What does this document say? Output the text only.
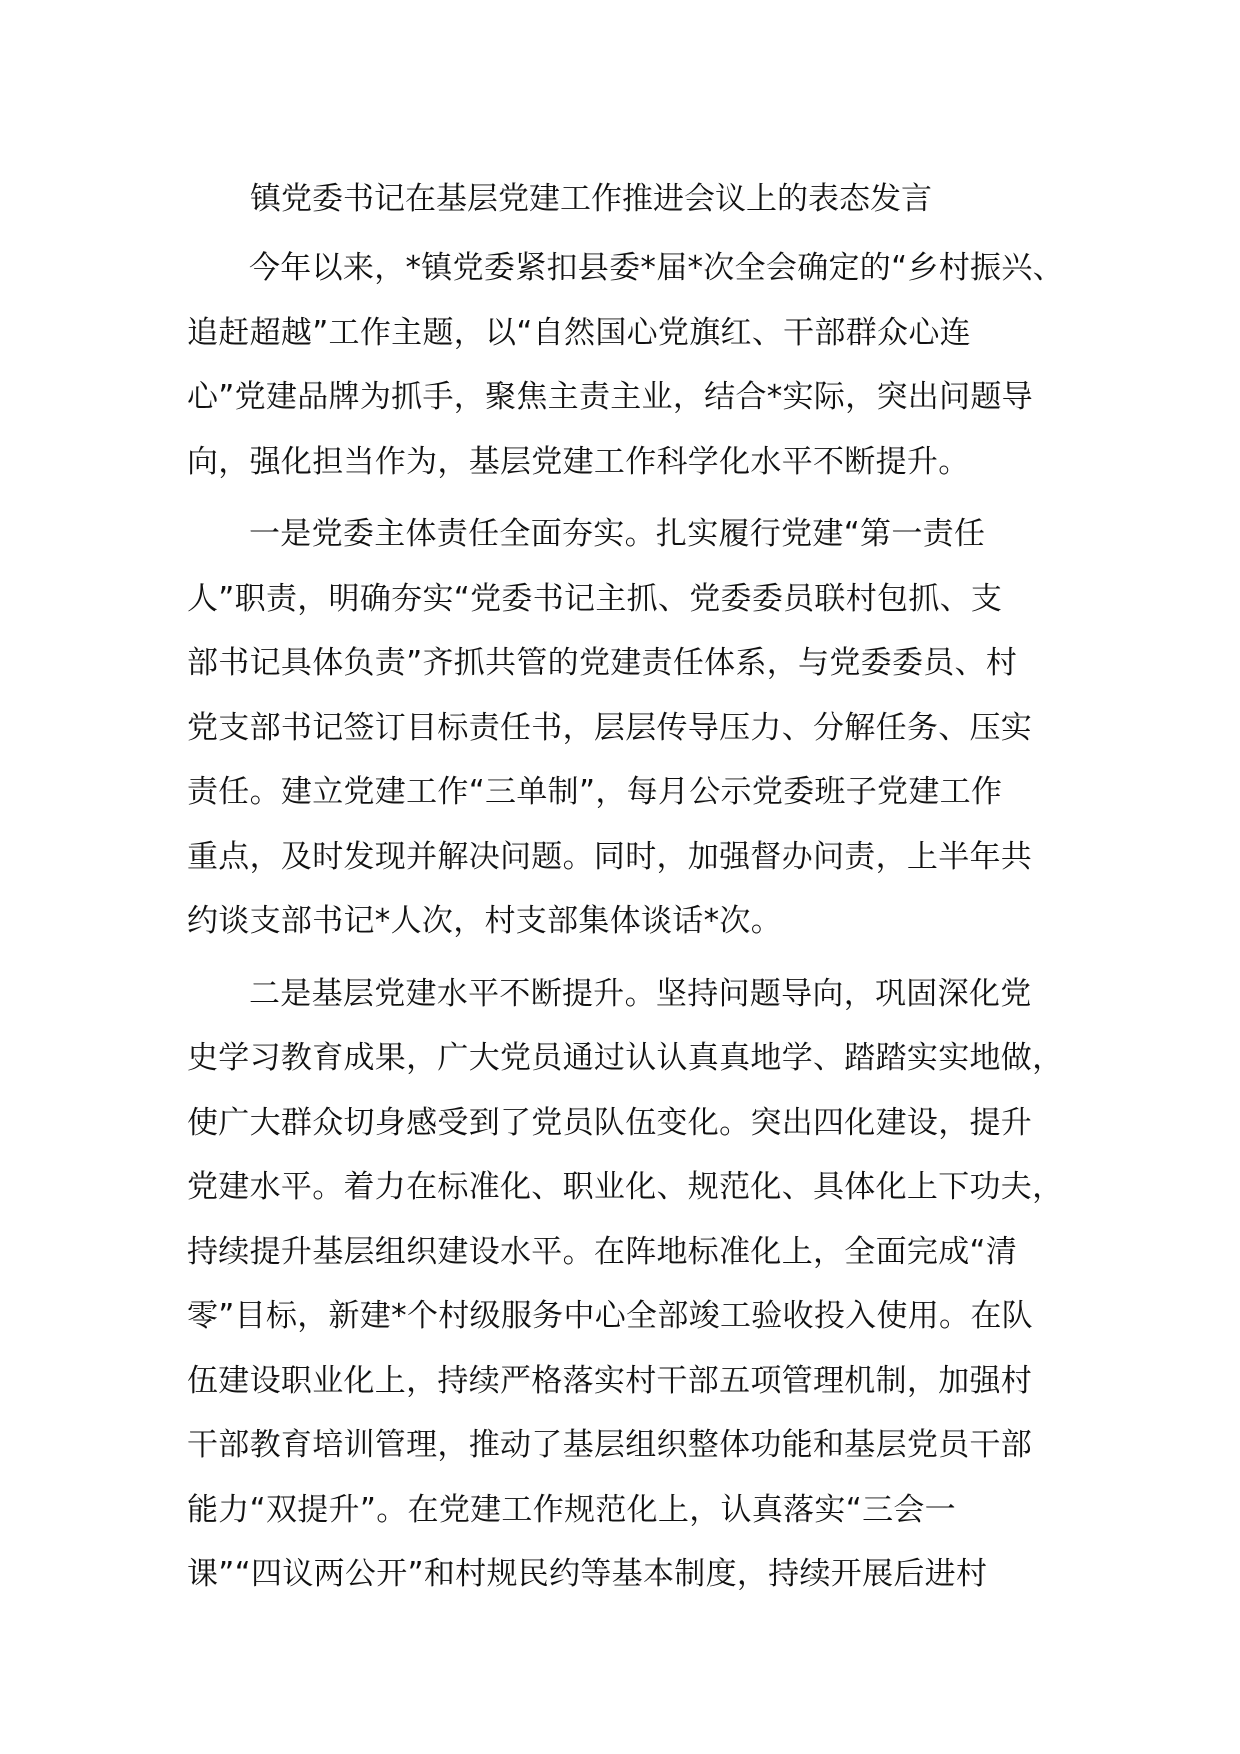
镇党委书记在基层党建工作推进会议上的表态发言

今年以来，*镇党委紧扣县委*届*次全会确定的“乡村振兴、
追赶超越”工作主题，以“自然国心党旗红、干部群众心连
心”党建品牌为抓手，聚焦主责主业，结合*实际，突出问题导
向，强化担当作为，基层党建工作科学化水平不断提升。

一是党委主体责任全面夯实。扎实履行党建“第一责任
人”职责，明确夯实“党委书记主抓、党委委员联村包抓、支
部书记具体负责”齐抓共管的党建责任体系，与党委委员、村
党支部书记签订目标责任书，层层传导压力、分解任务、压实
责任。建立党建工作“三单制”，每月公示党委班子党建工作
重点，及时发现并解决问题。同时，加强督办问责，上半年共
约谈支部书记*人次，村支部集体谈话*次。

二是基层党建水平不断提升。坚持问题导向，巩固深化党
史学习教育成果，广大党员通过认认真真地学、踏踏实实地做，
使广大群众切身感受到了党员队伍变化。突出四化建设，提升
党建水平。着力在标准化、职业化、规范化、具体化上下功夫，
持续提升基层组织建设水平。在阵地标准化上，全面完成“清
零”目标，新建*个村级服务中心全部竣工验收投入使用。在队
伍建设职业化上，持续严格落实村干部五项管理机制，加强村
干部教育培训管理，推动了基层组织整体功能和基层党员干部
能力“双提升”。在党建工作规范化上，认真落实“三会一
课”“四议两公开”和村规民约等基本制度，持续开展后进村
